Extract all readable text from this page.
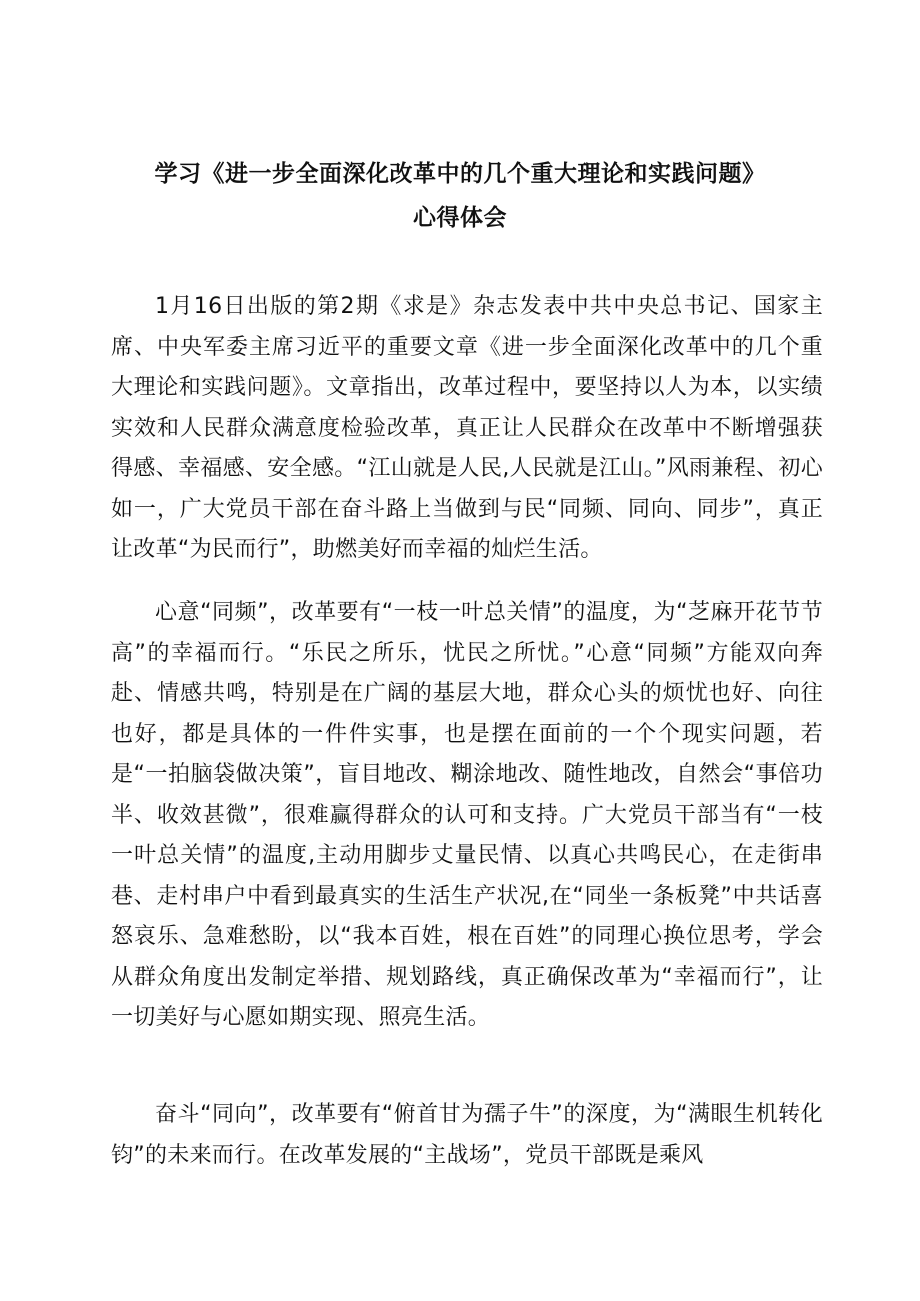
学习《进一步全面深化改革中的几个重大理论和实践问题》
心得体会

1月16日出版的第2期《求是》杂志发表中共中央总书记、国家主席、中央军委主席习近平的重要文章《进一步全面深化改革中的几个重大理论和实践问题》。文章指出，改革过程中，要坚持以人为本，以实绩实效和人民群众满意度检验改革，真正让人民群众在改革中不断增强获得感、幸福感、安全感。“江山就是人民,人民就是江山。”风雨兼程、初心如一，广大党员干部在奋斗路上当做到与民“同频、同向、同步”，真正让改革“为民而行”，助燃美好而幸福的灿烂生活。

心意“同频”，改革要有“一枝一叶总关情”的温度，为“芝麻开花节节高”的幸福而行。“乐民之所乐，忧民之所忧。”心意“同频”方能双向奔赴、情感共鸣，特别是在广阔的基层大地，群众心头的烦忧也好、向往也好，都是具体的一件件实事，也是摆在面前的一个个现实问题，若是“一拍脑袋做决策”，盲目地改、糊涂地改、随性地改，自然会“事倍功半、收效甚微”，很难赢得群众的认可和支持。广大党员干部当有“一枝一叶总关情”的温度,主动用脚步丈量民情、以真心共鸣民心，在走街串巷、走村串户中看到最真实的生活生产状况,在“同坐一条板凳”中共话喜怒哀乐、急难愁盼，以“我本百姓，根在百姓”的同理心换位思考，学会从群众角度出发制定举措、规划路线，真正确保改革为“幸福而行”，让一切美好与心愿如期实现、照亮生活。

奋斗“同向”，改革要有“俯首甘为孺子牛”的深度，为“满眼生机转化钧”的未来而行。在改革发展的“主战场”，党员干部既是乘风
